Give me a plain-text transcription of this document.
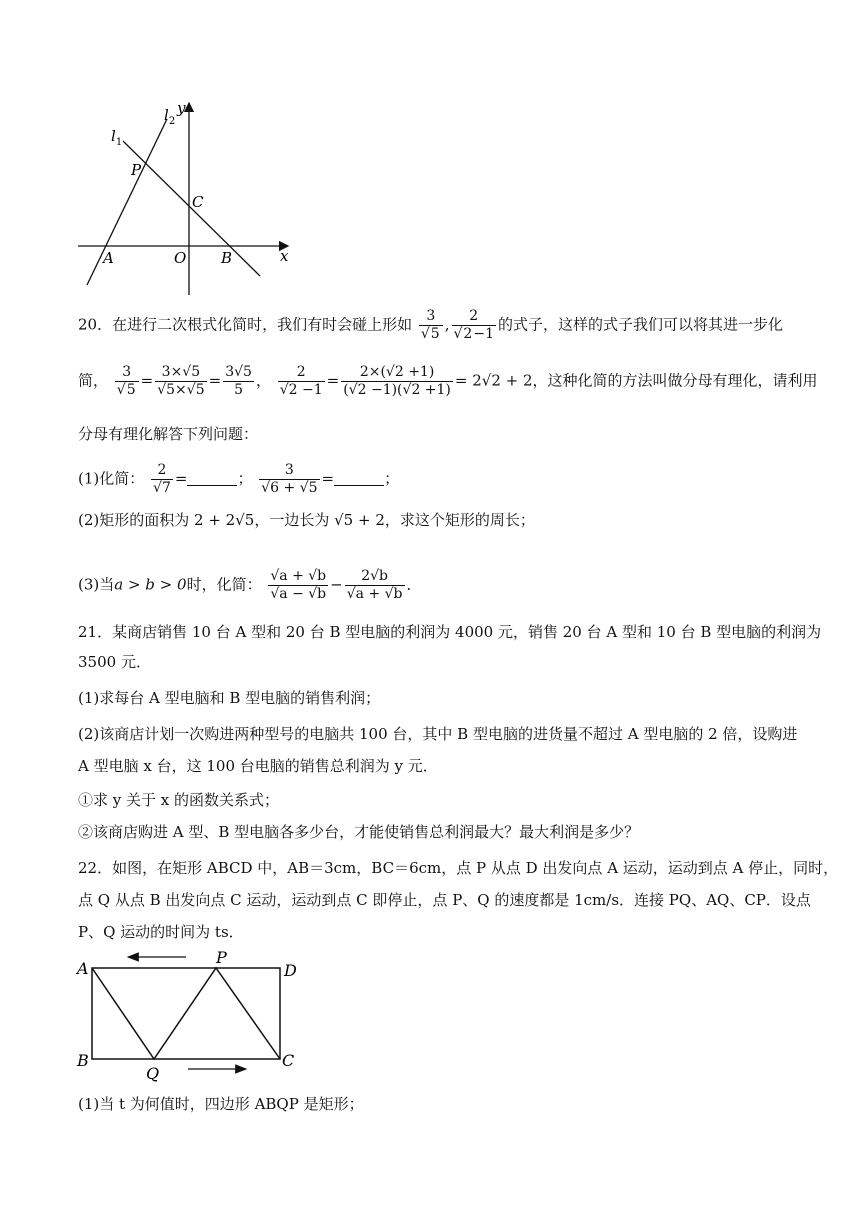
y
x
$l_2$
$l_1$
P
C
A	O B
20．在进行二次根式化简时，我们有时会碰上形如 $\frac{3}{√5}$ , $\frac{2}{√2-1}$ 的式子，这样的式子我们可以将其进一步化
简， $\frac{3}{√5} = \frac{3\times√5}{√5\times√5} = \frac{3√5}{5}$ ， $\frac{2}{√2 -1} = \frac{2\times(√2 +1)}{(√2 -1)(√2 +1)} = 2√2 + 2$，这种化简的方法叫做分母有理化，请利用
分母有理化解答下列问题：
(1)化简： $\frac{2}{√7}$ =	； $\frac{3}{√6 + √5}$ =	；
(2)矩形的面积为 2 + 2√5，一边长为 √5 + 2，求这个矩形的周长；
(3)当a > b > 0时，化简： $\frac{√a + √b}{√a - √b} - \frac{2√b}{√a + √b}$ ．
21．某商店销售 10 台 A 型和 20 台 B 型电脑的利润为 4000 元，销售 20 台 A 型和 10 台 B 型电脑的利润为
3500 元．
(1)求每台 A 型电脑和 B 型电脑的销售利润；
(2)该商店计划一次购进两种型号的电脑共 100 台，其中 B 型电脑的进货量不超过 A 型电脑的 2 倍，设购进
A 型电脑 x 台，这 100 台电脑的销售总利润为 y 元．
①求 y 关于 x 的函数关系式；
②该商店购进 A 型、B 型电脑各多少台，才能使销售总利润最大？最大利润是多少？
22．如图，在矩形 ABCD 中，AB＝3cm，BC＝6cm，点 P 从点 D 出发向点 A 运动，运动到点 A 停止，同时，
点 Q 从点 B 出发向点 C 运动，运动到点 C 即停止，点 P、Q 的速度都是 1cm/s．连接 PQ、AQ、CP．设点
P、Q 运动的时间为 ts．
A
P
D
B
Q
C
(1)当 t 为何值时，四边形 ABQP 是矩形；
